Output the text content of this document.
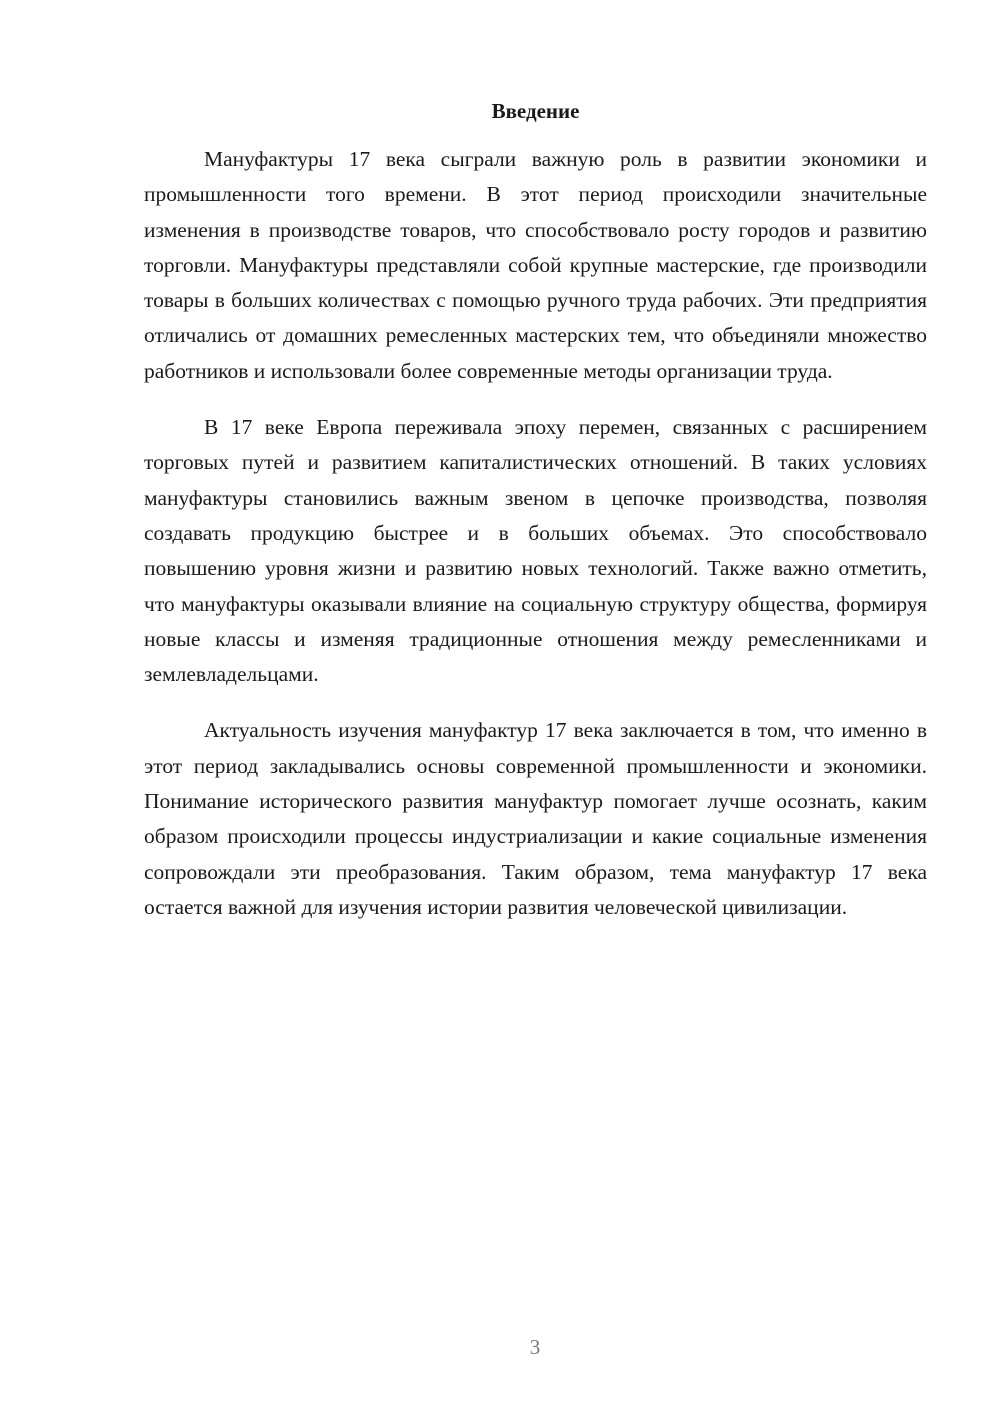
Введение

Мануфактуры 17 века сыграли важную роль в развитии экономики и промышленности того времени. В этот период происходили значительные изменения в производстве товаров, что способствовало росту городов и развитию торговли. Мануфактуры представляли собой крупные мастерские, где производили товары в больших количествах с помощью ручного труда рабочих. Эти предприятия отличались от домашних ремесленных мастерских тем, что объединяли множество работников и использовали более современные методы организации труда.

В 17 веке Европа переживала эпоху перемен, связанных с расширением торговых путей и развитием капиталистических отношений. В таких условиях мануфактуры становились важным звеном в цепочке производства, позволяя создавать продукцию быстрее и в больших объемах. Это способствовало повышению уровня жизни и развитию новых технологий. Также важно отметить, что мануфактуры оказывали влияние на социальную структуру общества, формируя новые классы и изменяя традиционные отношения между ремесленниками и землевладельцами.

Актуальность изучения мануфактур 17 века заключается в том, что именно в этот период закладывались основы современной промышленности и экономики. Понимание исторического развития мануфактур помогает лучше осознать, каким образом происходили процессы индустриализации и какие социальные изменения сопровождали эти преобразования. Таким образом, тема мануфактур 17 века остается важной для изучения истории развития человеческой цивилизации.

3
